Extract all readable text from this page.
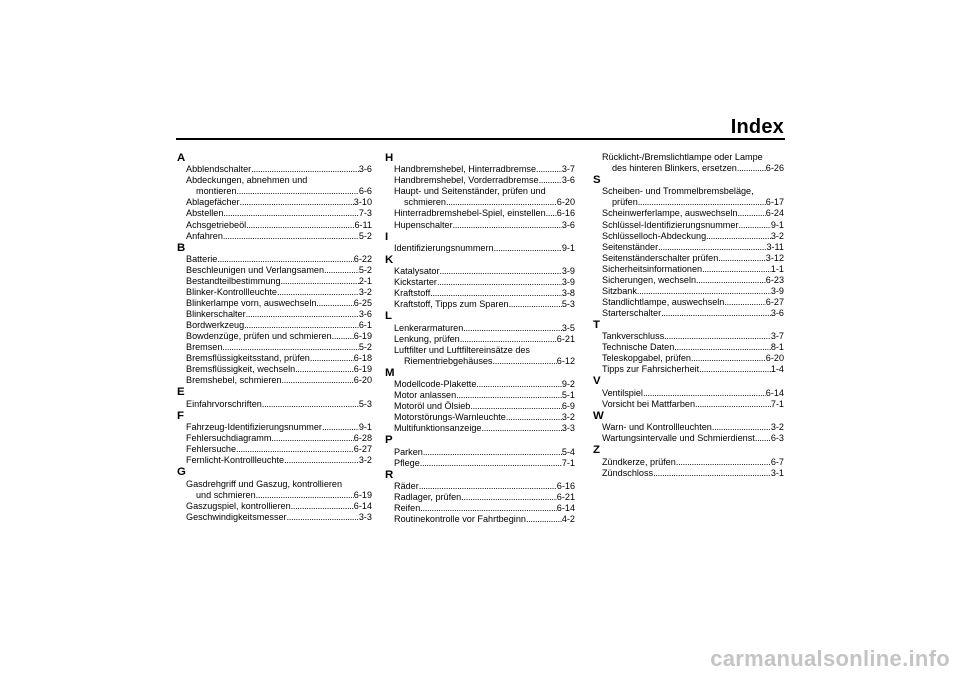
Index
A
Abblendschalter . . .	3-6
Abdeckungen, abnehmen und
montieren . . .	6-6
Ablagefächer . . .	3-10
Abstellen . . .	7-3
Achsgetriebeöl . . .	6-11
Anfahren . . .	5-2
B
Batterie . . .	6-22
Beschleunigen und Verlangsamen . . .	5-2
Bestandteilbestimmung . . .	2-1
Blinker-Kontrollleuchte . . .	3-2
Blinkerlampe vorn, auswechseln . . .	6-25
Blinkerschalter . . .	3-6
Bordwerkzeug . . .	6-1
Bowdenzüge, prüfen und schmieren . . . 6-19
Bremsen . . .	5-2
Bremsflüssigkeitsstand, prüfen . . .	6-18
Bremsflüssigkeit, wechseln . . .	6-19
Bremshebel, schmieren . . .	6-20
E
Einfahrvorschriften . . .	5-3
F
Fahrzeug-Identifizierungsnummer . . .	9-1
Fehlersuchdiagramm . . .	6-28
Fehlersuche . . .	6-27
Fernlicht-Kontrollleuchte . . .	3-2
G
Gasdrehgriff und Gaszug, kontrollieren
und schmieren . . .	6-19
Gaszugspiel, kontrollieren . . .	6-14
Geschwindigkeitsmesser . . .	3-3
H
Handbremshebel, Hinterradbremse . . .	3-7
Handbremshebel, Vorderradbremse . . .	3-6
Haupt- und Seitenständer, prüfen und
schmieren . . .	6-20
Hinterradbremshebel-Spiel, einstellen . . . 6-16
Hupenschalter . . .	3-6
I
Identifizierungsnummern . . .	9-1
K
Katalysator . . .	3-9
Kickstarter . . .	3-9
Kraftstoff . . .	3-8
Kraftstoff, Tipps zum Sparen . . .	5-3
L
Lenkerarmaturen . . .	3-5
Lenkung, prüfen . . .	6-21
Luftfilter und Luftfiltereinsätze des
Riementriebgehäuses . . .	6-12
M
Modellcode-Plakette . . .	9-2
Motor anlassen . . .	5-1
Motoröl und Ölsieb . . .	6-9
Motorstörungs-Warnleuchte . . .	3-2
Multifunktionsanzeige . . .	3-3
P
Parken . . .	5-4
Pflege . . .	7-1
R
Räder . . .	6-16
Radlager, prüfen . . .	6-21
Reifen . . .	6-14
Routinekontrolle vor Fahrtbeginn . . .	4-2
Rücklicht-/Bremslichtlampe oder Lampe
des hinteren Blinkers, ersetzen . . .	6-26
S
Scheiben- und Trommelbremsbeläge,
prüfen . . .	6-17
Scheinwerferlampe, auswechseln . . .	6-24
Schlüssel-Identifizierungsnummer . . .	9-1
Schlüsselloch-Abdeckung . . .	3-2
Seitenständer . . .	3-11
Seitenständerschalter prüfen . . .	3-12
Sicherheitsinformationen . . .	1-1
Sicherungen, wechseln . . .	6-23
Sitzbank . . .	3-9
Standlichtlampe, auswechseln . . .	6-27
Starterschalter . . .	3-6
T
Tankverschluss . . .	3-7
Technische Daten . . .	8-1
Teleskopgabel, prüfen . . .	6-20
Tipps zur Fahrsicherheit . . .	1-4
V
Ventilspiel . . .	6-14
Vorsicht bei Mattfarben . . .	7-1
W
Warn- und Kontrollleuchten . . .	3-2
Wartungsintervalle und Schmierdienst . . . 6-3
Z
Zündkerze, prüfen . . .	6-7
Zündschloss . . .	3-1
carmanualsonline.info
